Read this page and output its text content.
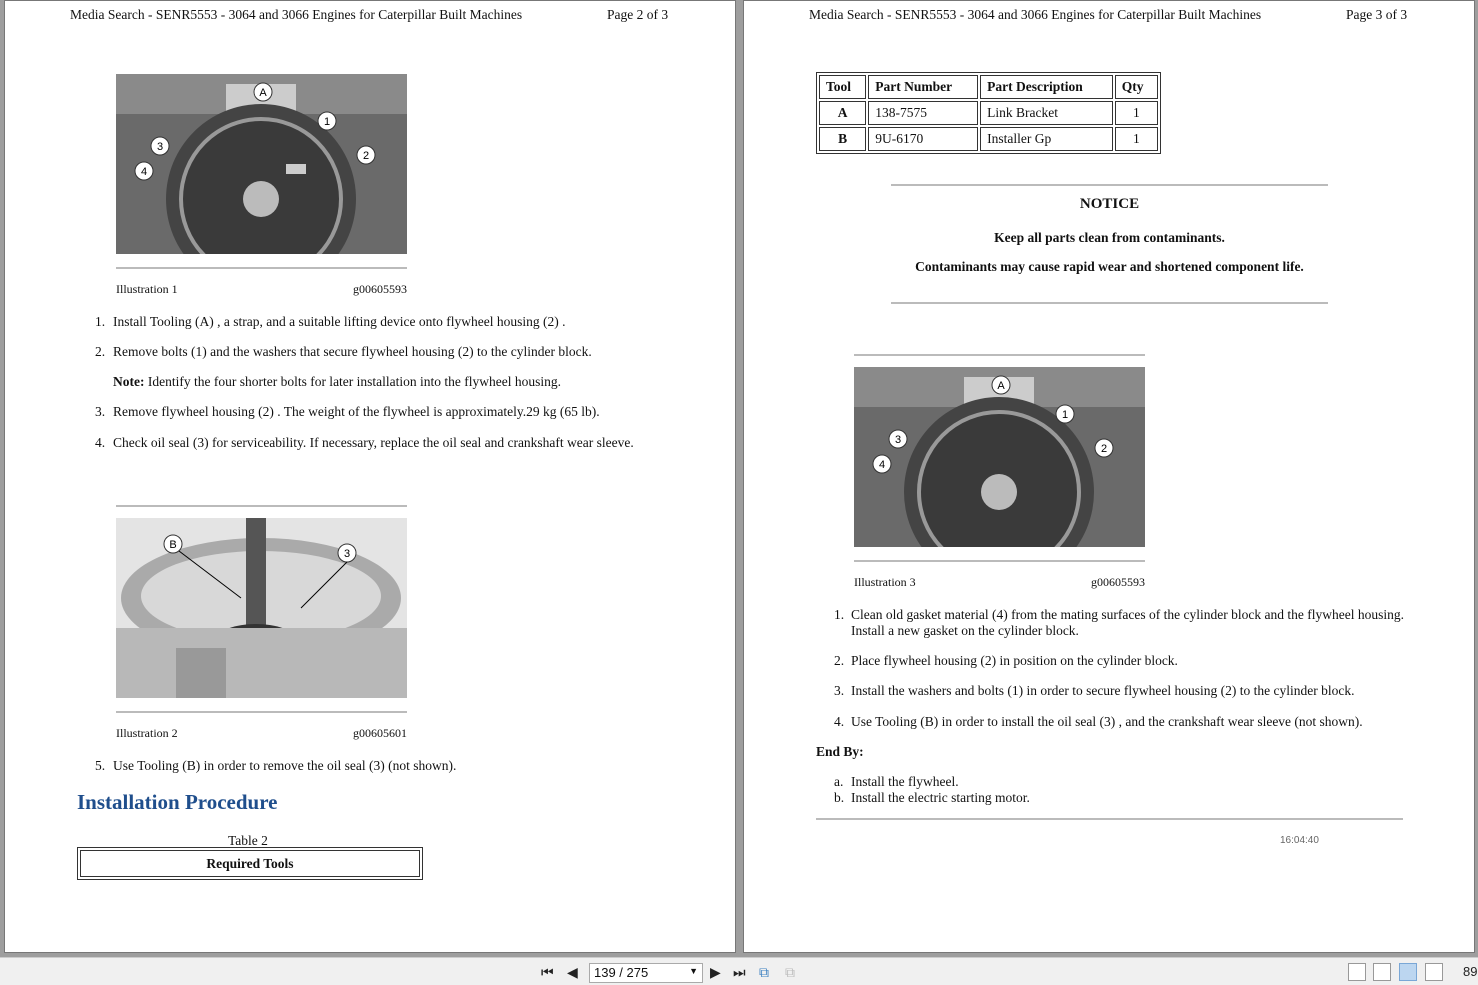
Media Search - SENR5553 - 3064 and 3066 Engines for Caterpillar Built Machines	Page 2 of 3
A
1
2
3
4
Illustration 1	g00605593
1. Install Tooling (A) , a strap, and a suitable lifting device onto flywheel housing (2) .
2. Remove bolts (1) and the washers that secure flywheel housing (2) to the cylinder block.
Note: Identify the four shorter bolts for later installation into the flywheel housing.
3. Remove flywheel housing (2) . The weight of the flywheel is approximately.29 kg (65 lb).
4. Check oil seal (3) for serviceability. If necessary, replace the oil seal and crankshaft wear sleeve.
B
3
Illustration 2	g00605601
5. Use Tooling (B) in order to remove the oil seal (3) (not shown).
Installation Procedure
Table 2
Required Tools
Media Search - SENR5553 - 3064 and 3066 Engines for Caterpillar Built Machines	Page 3 of 3
Tool	Part Number	Part Description	Qty
A	138-7575	Link Bracket	1
B	9U-6170	Installer Gp	1
NOTICE
Keep all parts clean from contaminants.
Contaminants may cause rapid wear and shortened component life.
A
1
2
3
4
Illustration 3	g00605593
1. Clean old gasket material (4) from the mating surfaces of the cylinder block and the flywheel housing. Install a new gasket on the cylinder block.
2. Place flywheel housing (2) in position on the cylinder block.
3. Install the washers and bolts (1) in order to secure flywheel housing (2) to the cylinder block.
4. Use Tooling (B) in order to install the oil seal (3) , and the crankshaft wear sleeve (not shown).
End By:
a. Install the flywheel.
b. Install the electric starting motor.
16:04:40
⏮ ◀	139 / 275	▼ ▶ ⏭ ⧉ ⧉	89
